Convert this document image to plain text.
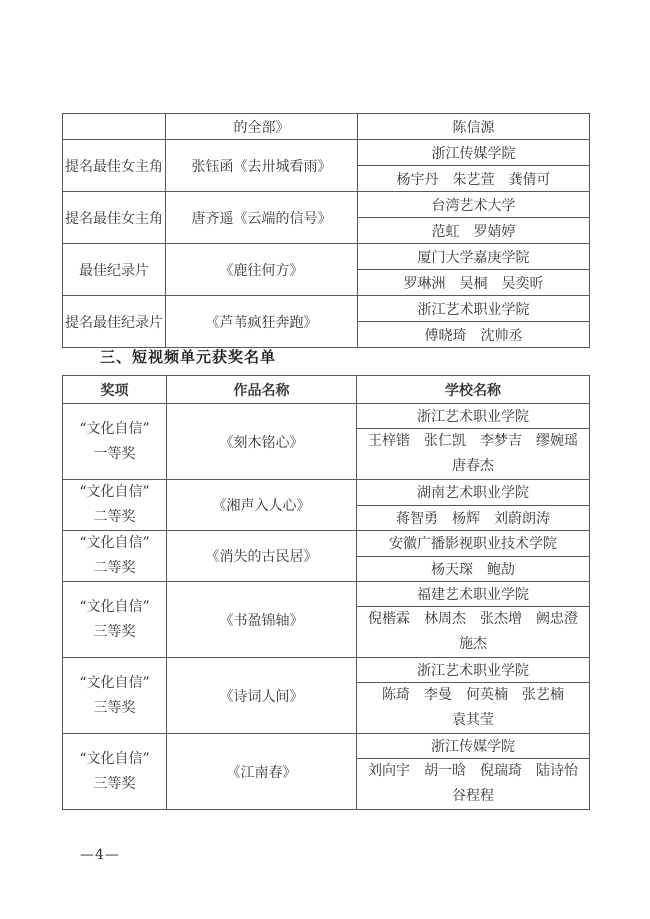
	的全部》	陈信源
提名最佳女主角	张钰函《去卅城看雨》	浙江传媒学院
		杨宇丹　朱艺萱　龚倩可
提名最佳女主角	唐齐遥《云端的信号》	台湾艺术大学
		范虹　罗婧婷
最佳纪录片	《鹿往何方》	厦门大学嘉庚学院
		罗琳洲　吴桐　吴奕昕
提名最佳纪录片	《芦苇疯狂奔跑》	浙江艺术职业学院
		傅晓琦　沈帅丞
三、短视频单元获奖名单
奖项	作品名称	学校名称

“文化自信”
一等奖	《刻木铭心》	浙江艺术职业学院

		王梓锴　张仁凯　李梦吉　缪婉瑶
唐春杰

“文化自信”
二等奖	《湘声入人心》	湖南艺术职业学院
		蒋智勇　杨辉　刘蔚朗涛

“文化自信”
二等奖	《消失的古民居》	安徽广播影视职业技术学院
		杨天琛　鲍劼

“文化自信”
三等奖	《书盈锦轴》	福建艺术职业学院

		倪楷霖　林周杰　张杰增　阙忠澄
施杰

“文化自信”
三等奖	《诗词人间》	浙江艺术职业学院

		陈琦　李曼　何英楠　张艺楠
袁其莹

“文化自信”
三等奖	《江南春》	浙江传媒学院

		刘向宇　胡一晗　倪瑞琦　陆诗怡
谷程程
—4—
